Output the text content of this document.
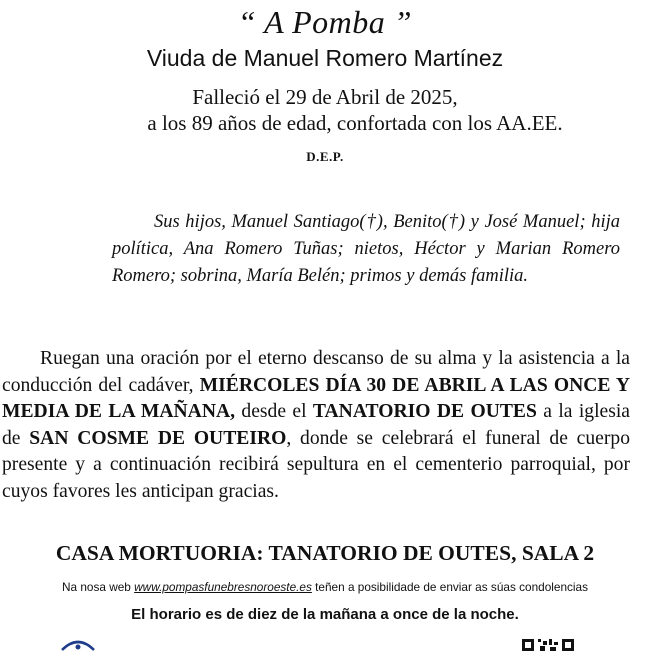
“ A Pomba ”
Viuda de Manuel Romero Martínez
Falleció el 29 de Abril de 2025,
a los 89 años de edad, confortada con los AA.EE.
D.E.P.
Sus hijos, Manuel Santiago(†), Benito(†) y José Manuel; hija política, Ana Romero Tuñas; nietos, Héctor y Marian Romero Romero; sobrina, María Belén; primos y demás familia.
Ruegan una oración por el eterno descanso de su alma y la asistencia a la conducción del cadáver, MIÉRCOLES DÍA 30 DE ABRIL A LAS ONCE Y MEDIA DE LA MAÑANA, desde el TANATORIO DE OUTES a la iglesia de SAN COSME DE OUTEIRO, donde se celebrará el funeral de cuerpo presente y a continuación recibirá sepultura en el cementerio parroquial, por cuyos favores les anticipan gracias.
CASA MORTUORIA: TANATORIO DE OUTES, SALA 2
Na nosa web www.pompasfunebresnoroeste.es teñen a posibilidade de enviar as súas condolencias
El horario es de diez de la mañana a once de la noche.
